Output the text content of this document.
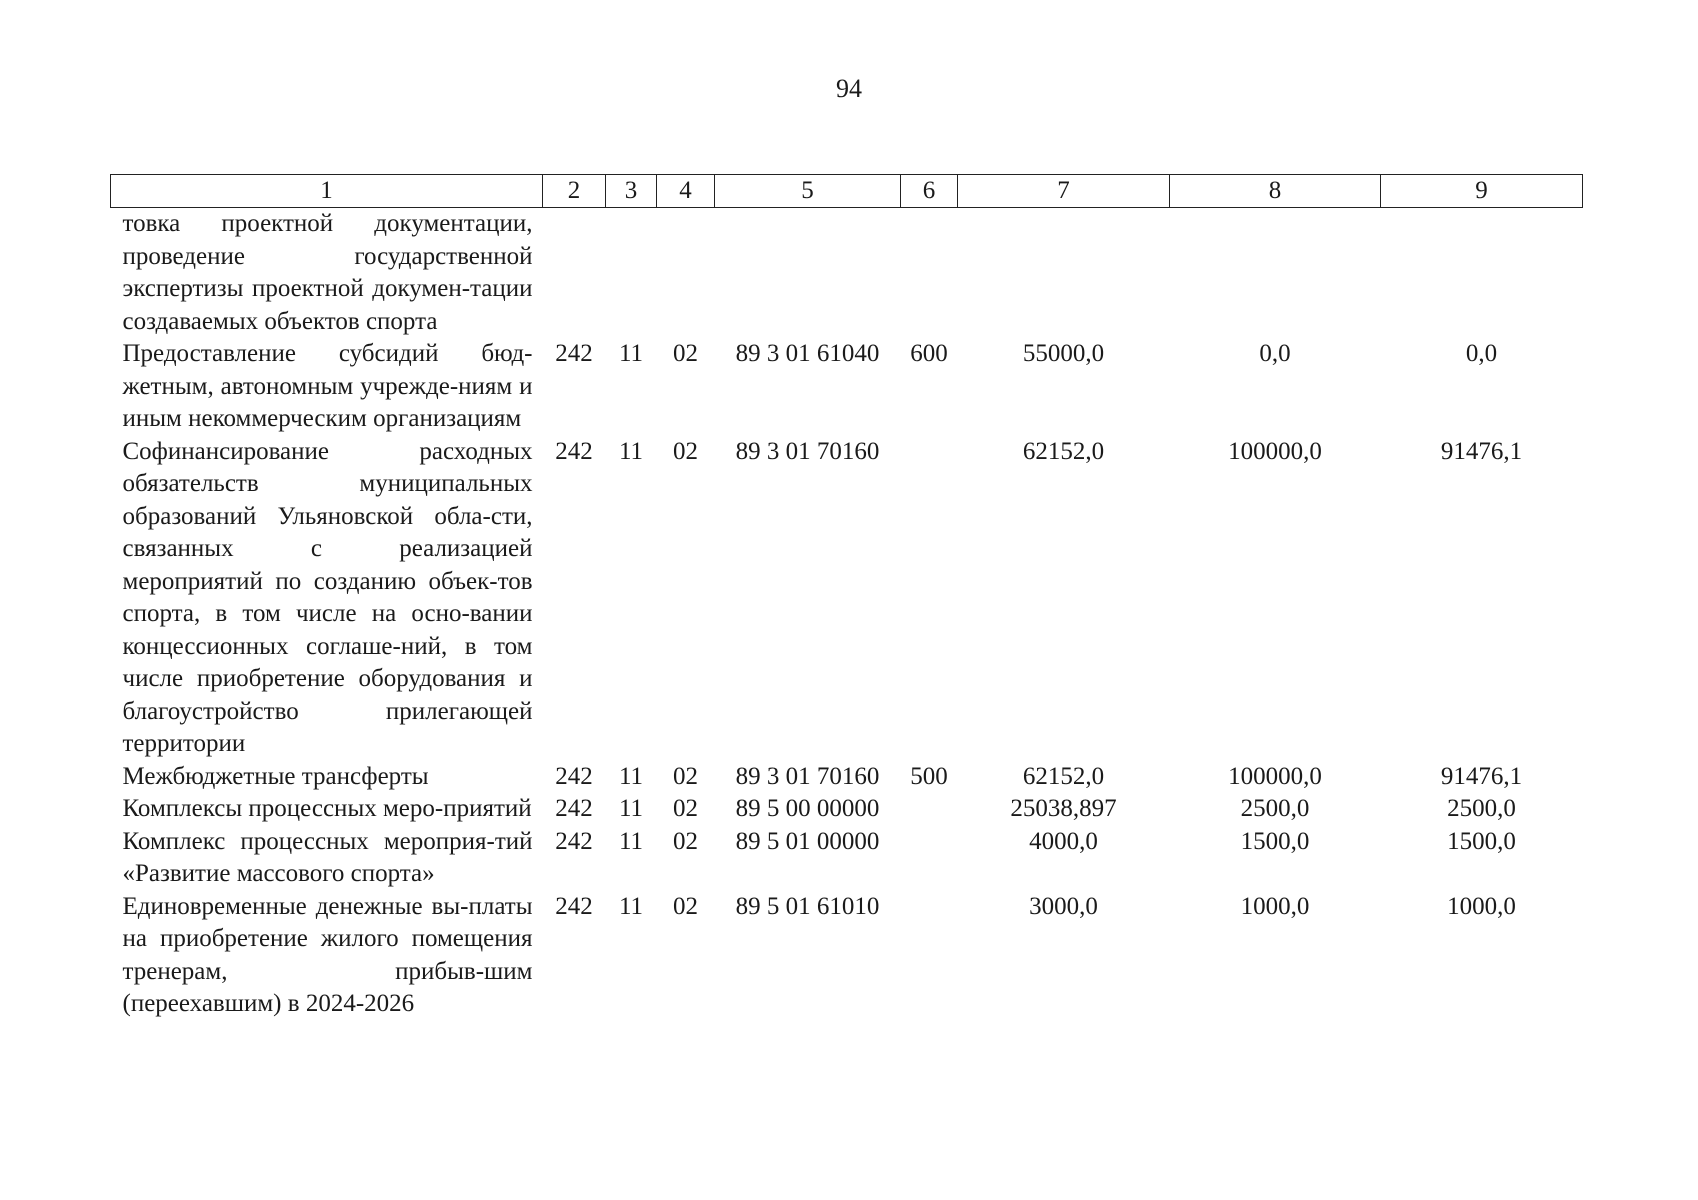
94
1	2	3	4	5	6	7	8	9
товка проектной документации, проведение государственной экспертизы проектной докумен-тации создаваемых объектов спорта								
Предоставление субсидий бюд-жетным, автономным учрежде-ниям и иным некоммерческим организациям	242	11	02	89 3 01 61040	600	55000,0	0,0	0,0
Софинансирование расходных обязательств муниципальных образований Ульяновской обла-сти, связанных с реализацией мероприятий по созданию объек-тов спорта, в том числе на осно-вании концессионных соглаше-ний, в том числе приобретение оборудования и благоустройство прилегающей территории	242	11	02	89 3 01 70160		62152,0	100000,0	91476,1
Межбюджетные трансферты	242	11	02	89 3 01 70160	500	62152,0	100000,0	91476,1
Комплексы процессных меро-приятий	242	11	02	89 5 00 00000		25038,897	2500,0	2500,0
Комплекс процессных мероприя-тий «Развитие массового спорта»	242	11	02	89 5 01 00000		4000,0	1500,0	1500,0
Единовременные денежные вы-платы на приобретение жилого помещения тренерам, прибыв-шим (переехавшим) в 2024-2026	242	11	02	89 5 01 61010		3000,0	1000,0	1000,0
